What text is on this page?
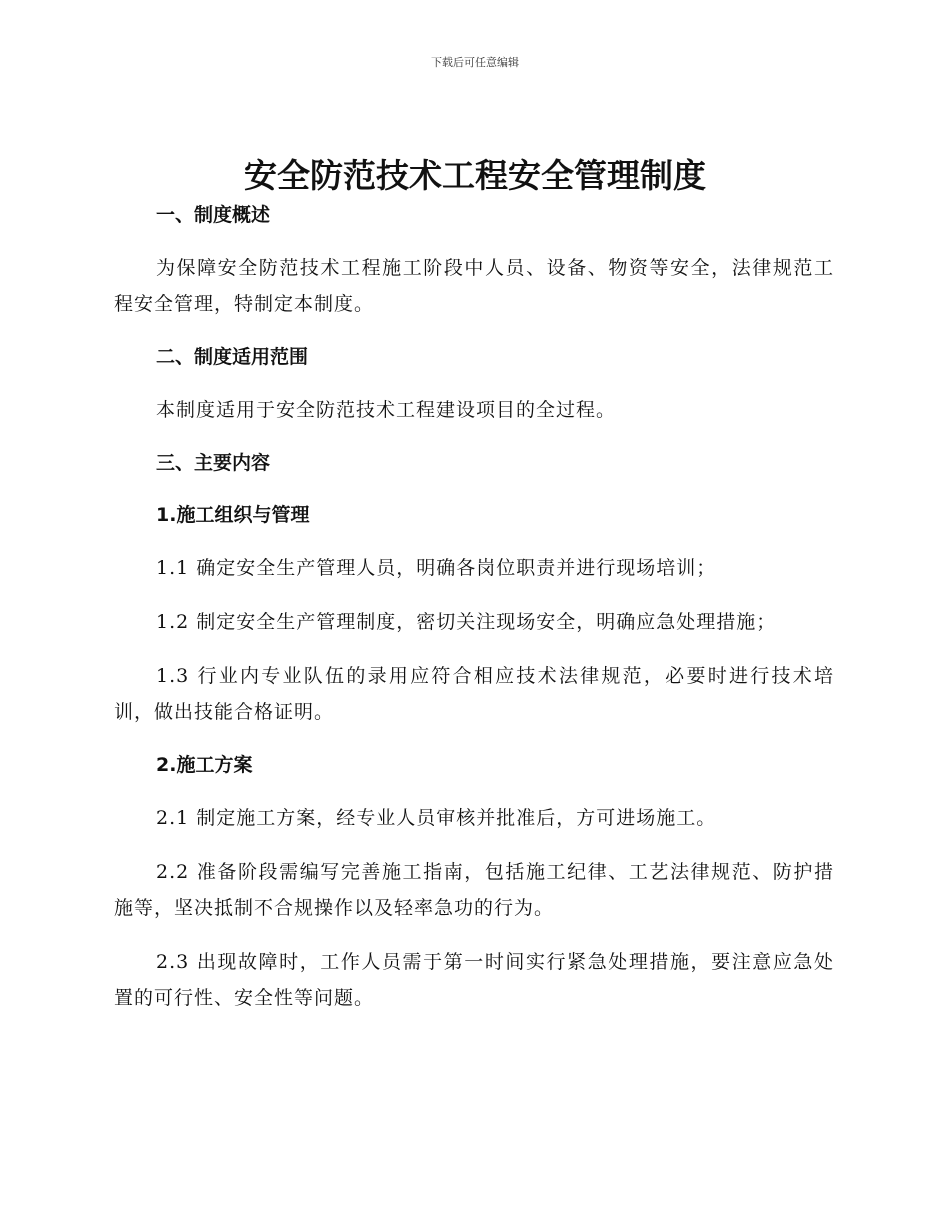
下载后可任意编辑
安全防范技术工程安全管理制度

一、制度概述

为保障安全防范技术工程施工阶段中人员、设备、物资等安全，法律规范工程安全管理，特制定本制度。

二、制度适用范围

本制度适用于安全防范技术工程建设项目的全过程。

三、主要内容

1.施工组织与管理

1.1 确定安全生产管理人员，明确各岗位职责并进行现场培训；

1.2 制定安全生产管理制度，密切关注现场安全，明确应急处理措施；

1.3 行业内专业队伍的录用应符合相应技术法律规范，必要时进行技术培训，做出技能合格证明。

2.施工方案

2.1 制定施工方案，经专业人员审核并批准后，方可进场施工。

2.2 准备阶段需编写完善施工指南，包括施工纪律、工艺法律规范、防护措施等，坚决抵制不合规操作以及轻率急功的行为。

2.3 出现故障时，工作人员需于第一时间实行紧急处理措施，要注意应急处置的可行性、安全性等问题。
